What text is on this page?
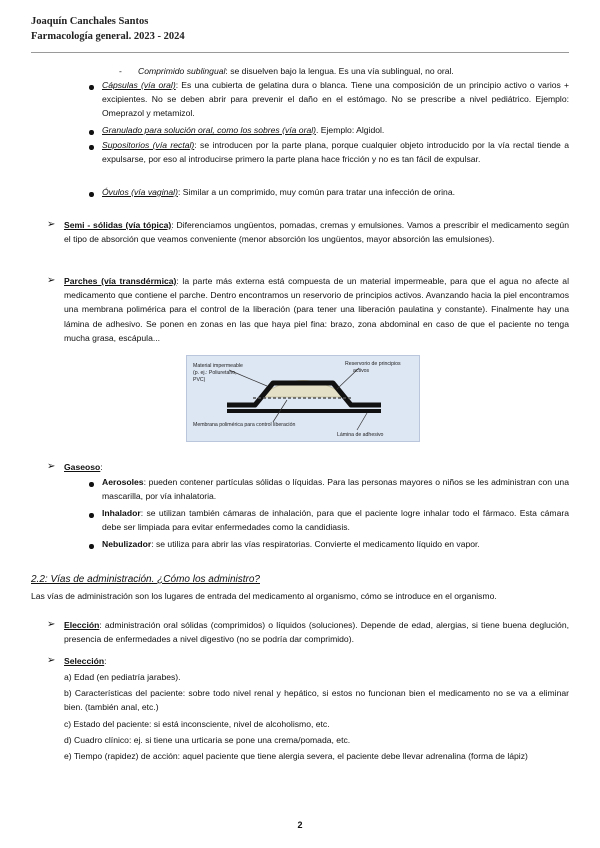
Joaquín Canchales Santos
Farmacología general. 2023 - 2024
- Comprimido sublingual: se disuelven bajo la lengua. Es una vía sublingual, no oral.
Cápsulas (vía oral): Es una cubierta de gelatina dura o blanca. Tiene una composición de un principio activo o varios + excipientes. No se deben abrir para prevenir el daño en el estómago. No se prescribe a nivel pediátrico. Ejemplo: Omeprazol y metamizol.
Granulado para solución oral, como los sobres (vía oral). Ejemplo: Algidol.
Supositorios (vía rectal): se introducen por la parte plana, porque cualquier objeto introducido por la vía rectal tiende a expulsarse, por eso al introducirse primero la parte plana hace fricción y no es tan fácil de expulsar.
Óvulos (vía vaginal): Similar a un comprimido, muy común para tratar una infección de orina.
➢ Semi - sólidas (vía tópica): Diferenciamos ungüentos, pomadas, cremas y emulsiones. Vamos a prescribir el medicamento según el tipo de absorción que veamos conveniente (menor absorción los ungüentos, mayor absorción las emulsiones).
➢ Parches (vía transdérmica): la parte más externa está compuesta de un material impermeable, para que el agua no afecte al medicamento que contiene el parche. Dentro encontramos un reservorio de principios activos. Avanzando hacia la piel encontramos una membrana polimérica para el control de la liberación (para tener una liberación paulatina y constante). Finalmente hay una lámina de adhesivo. Se ponen en zonas en las que haya piel fina: brazo, zona abdominal en caso de que el paciente no tenga mucha grasa, escápula...
Material impermeable
(p. ej.: Poliuretano,
PVC)
Reservorio de principios
activos
Membrana polimérica para control liberación
Lámina de adhesivo
➢ Gaseoso:
Aerosoles: pueden contener partículas sólidas o líquidas. Para las personas mayores o niños se les administran con una mascarilla, por vía inhalatoria.
Inhalador: se utilizan también cámaras de inhalación, para que el paciente logre inhalar todo el fármaco. Esta cámara debe ser limpiada para evitar enfermedades como la candidiasis.
Nebulizador: se utiliza para abrir las vías respiratorias. Convierte el medicamento líquido en vapor.
2.2: Vías de administración. ¿Cómo los administro?
Las vías de administración son los lugares de entrada del medicamento al organismo, cómo se introduce en el organismo.
➢ Elección: administración oral sólidas (comprimidos) o líquidos (soluciones). Depende de edad, alergias, si tiene buena deglución, presencia de enfermedades a nivel digestivo (no se podría dar comprimido).
➢ Selección:
a) Edad (en pediatría jarabes).
b) Características del paciente: sobre todo nivel renal y hepático, si estos no funcionan bien el medicamento no se va a eliminar bien. (también anal, etc.)
c) Estado del paciente: si está inconsciente, nivel de alcoholismo, etc.
d) Cuadro clínico: ej. si tiene una urticaria se pone una crema/pomada, etc.
e) Tiempo (rapidez) de acción: aquel paciente que tiene alergia severa, el paciente debe llevar adrenalina (forma de lápiz)
2
